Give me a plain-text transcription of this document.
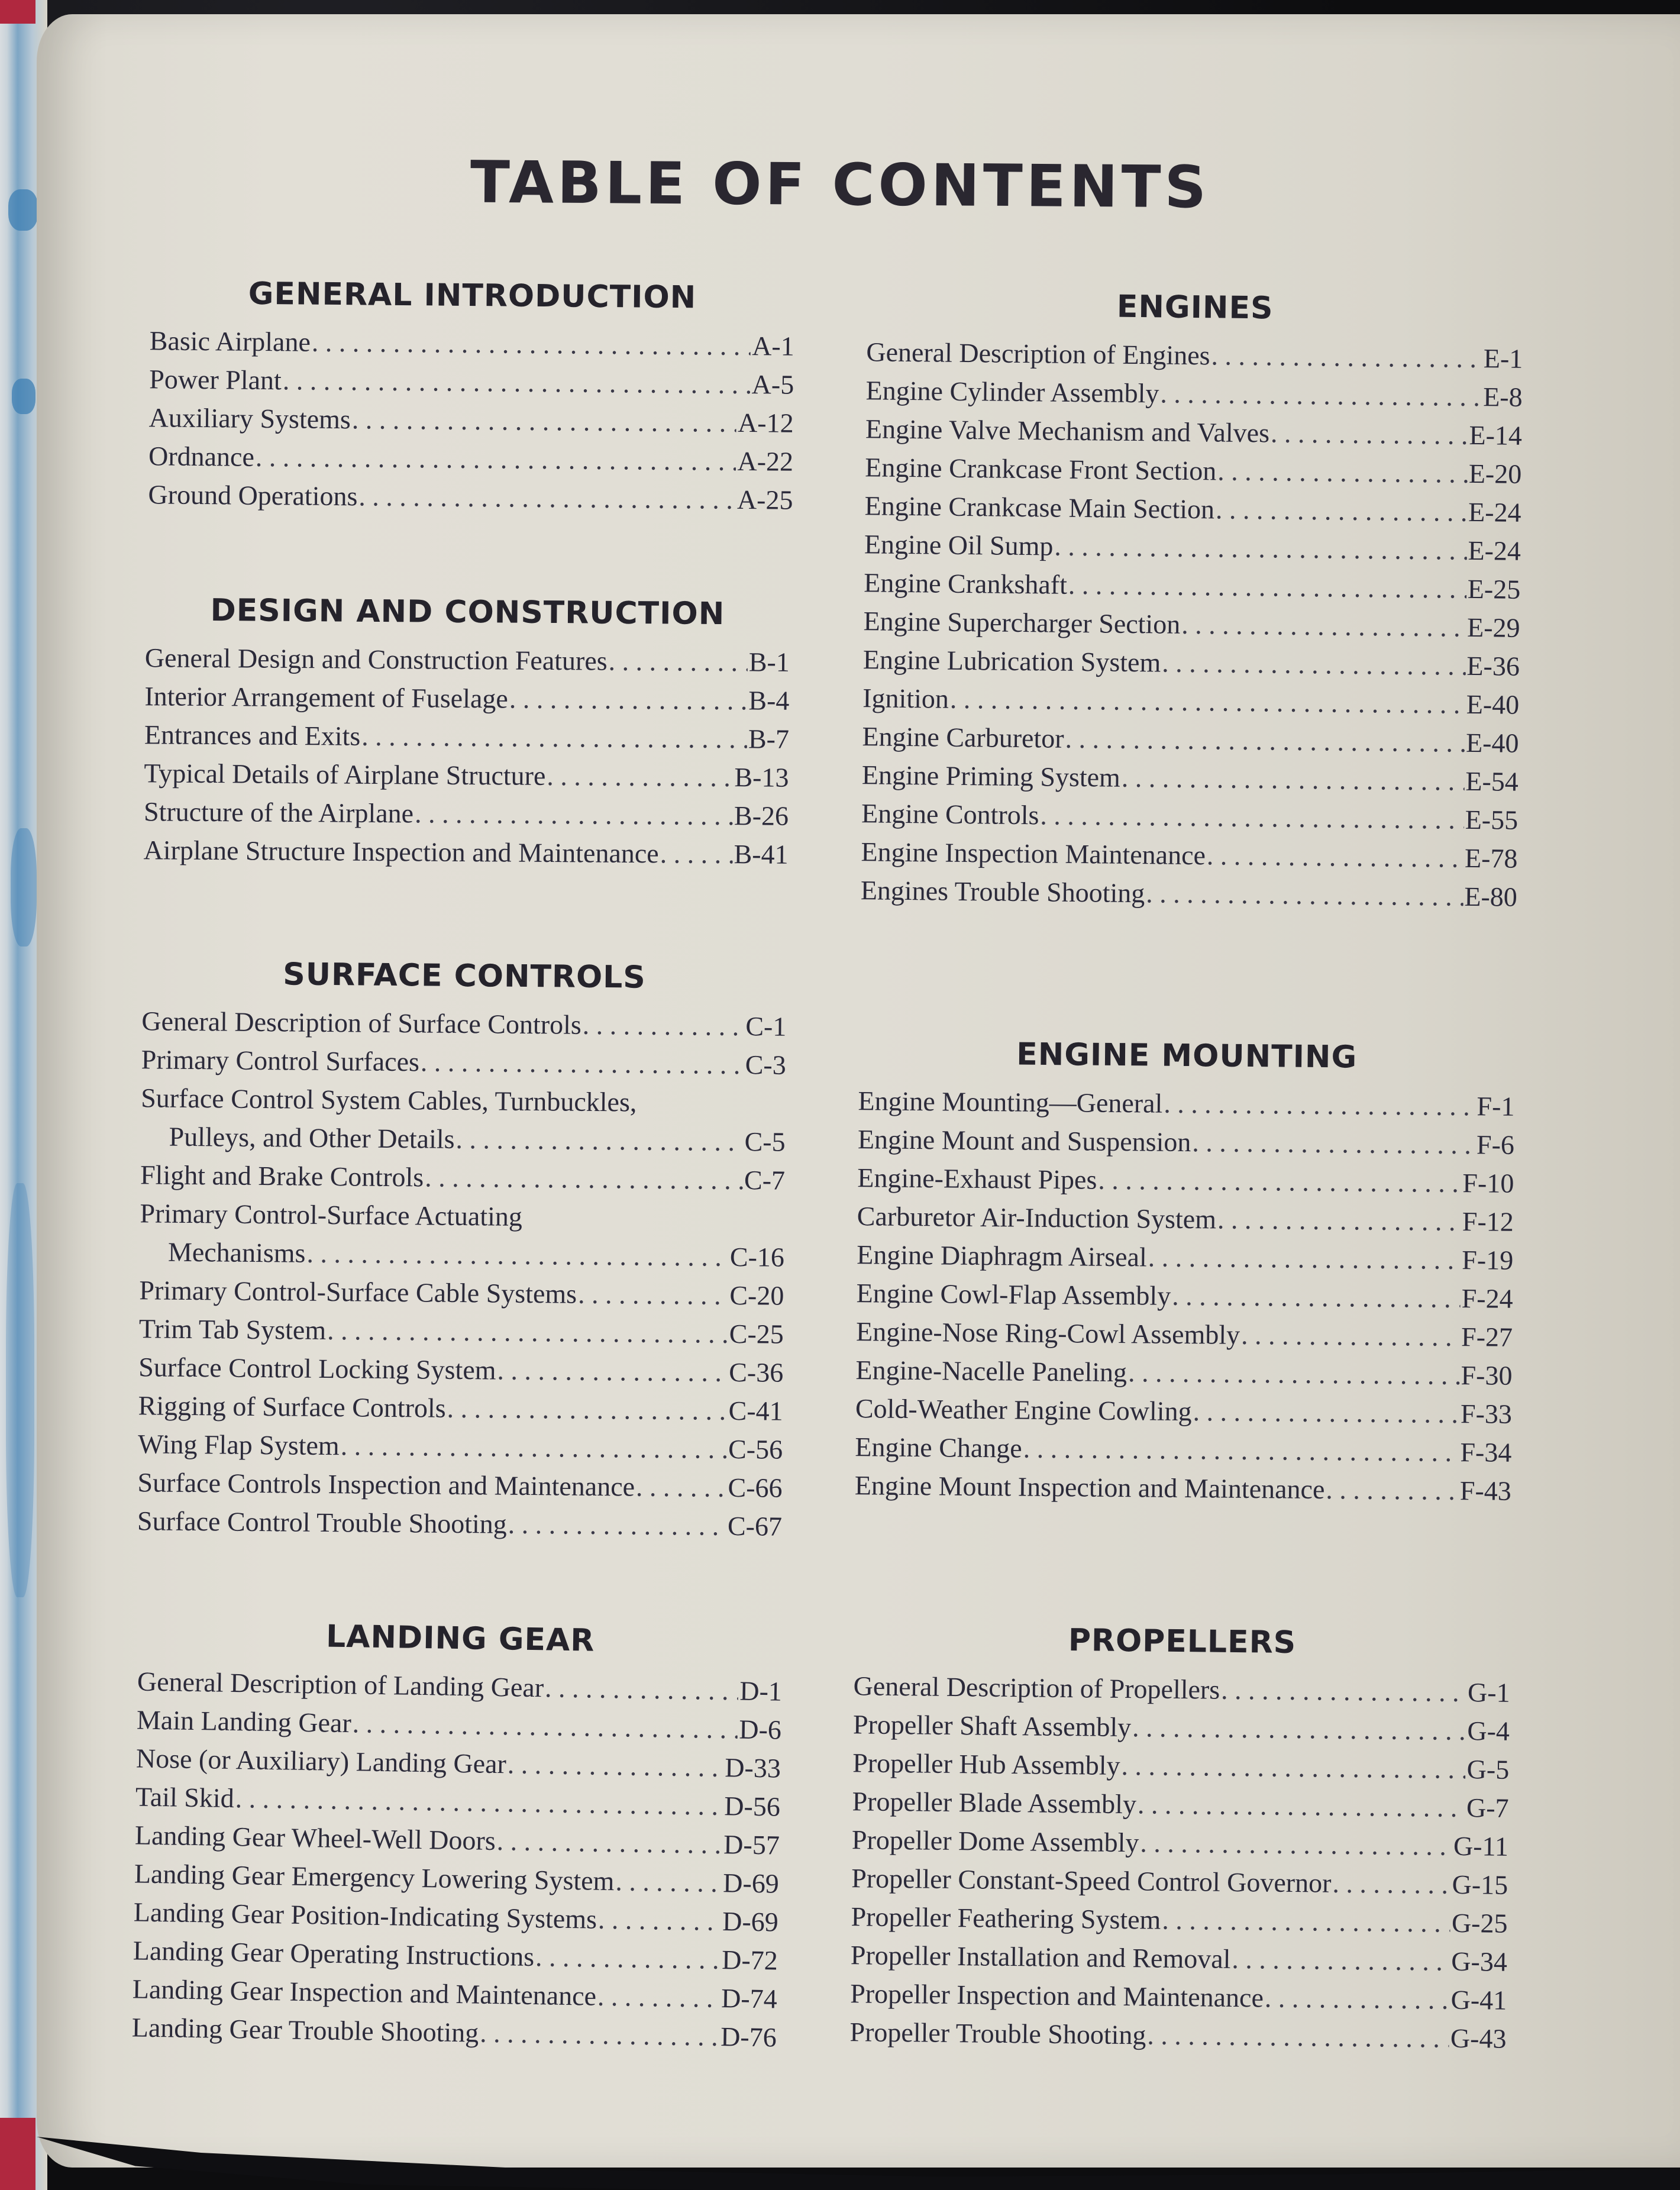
TABLE OF CONTENTS
GENERAL INTRODUCTION
Basic Airplane . . .	A-1
Power Plant . . .	A-5
Auxiliary Systems . . .	A-12
Ordnance . . .	A-22
Ground Operations . . .	A-25
DESIGN AND CONSTRUCTION
General Design and Construction Features . . .	B-1
Interior Arrangement of Fuselage . . .	B-4
Entrances and Exits . . .	B-7
Typical Details of Airplane Structure . . .	B-13
Structure of the Airplane . . .	B-26
Airplane Structure Inspection and Maintenance . . .	B-41
SURFACE CONTROLS
General Description of Surface Controls . . .	C-1
Primary Control Surfaces . . .	C-3
Surface Control System Cables, Turnbuckles,
Pulleys, and Other Details . . .	C-5
Flight and Brake Controls . . .	C-7
Primary Control-Surface Actuating
Mechanisms . . .	C-16
Primary Control-Surface Cable Systems . . .	C-20
Trim Tab System . . .	C-25
Surface Control Locking System . . .	C-36
Rigging of Surface Controls . . .	C-41
Wing Flap System . . .	C-56
Surface Controls Inspection and Maintenance . . .	C-66
Surface Control Trouble Shooting . . .	C-67
LANDING GEAR
General Description of Landing Gear . . .	D-1
Main Landing Gear . . .	D-6
Nose (or Auxiliary) Landing Gear . . .	D-33
Tail Skid . . .	D-56
Landing Gear Wheel-Well Doors . . .	D-57
Landing Gear Emergency Lowering System . . .	D-69
Landing Gear Position-Indicating Systems . . .	D-69
Landing Gear Operating Instructions . . .	D-72
Landing Gear Inspection and Maintenance . . .	D-74
Landing Gear Trouble Shooting . . .	D-76
ENGINES
General Description of Engines . . .	E-1
Engine Cylinder Assembly . . .	E-8
Engine Valve Mechanism and Valves . . .	E-14
Engine Crankcase Front Section . . .	E-20
Engine Crankcase Main Section . . .	E-24
Engine Oil Sump . . .	E-24
Engine Crankshaft . . .	E-25
Engine Supercharger Section . . .	E-29
Engine Lubrication System . . .	E-36
Ignition . . .	E-40
Engine Carburetor . . .	E-40
Engine Priming System . . .	E-54
Engine Controls . . .	E-55
Engine Inspection Maintenance . . .	E-78
Engines Trouble Shooting . . .	E-80
ENGINE MOUNTING
Engine Mounting—General . . .	F-1
Engine Mount and Suspension . . .	F-6
Engine-Exhaust Pipes . . .	F-10
Carburetor Air-Induction System . . .	F-12
Engine Diaphragm Airseal . . .	F-19
Engine Cowl-Flap Assembly . . .	F-24
Engine-Nose Ring-Cowl Assembly . . .	F-27
Engine-Nacelle Paneling . . .	F-30
Cold-Weather Engine Cowling . . .	F-33
Engine Change . . .	F-34
Engine Mount Inspection and Maintenance . . .	F-43
PROPELLERS
General Description of Propellers . . .	G-1
Propeller Shaft Assembly . . .	G-4
Propeller Hub Assembly . . .	G-5
Propeller Blade Assembly . . .	G-7
Propeller Dome Assembly . . .	G-11
Propeller Constant-Speed Control Governor . . .	G-15
Propeller Feathering System . . .	G-25
Propeller Installation and Removal . . .	G-34
Propeller Inspection and Maintenance . . .	G-41
Propeller Trouble Shooting . . .	G-43
